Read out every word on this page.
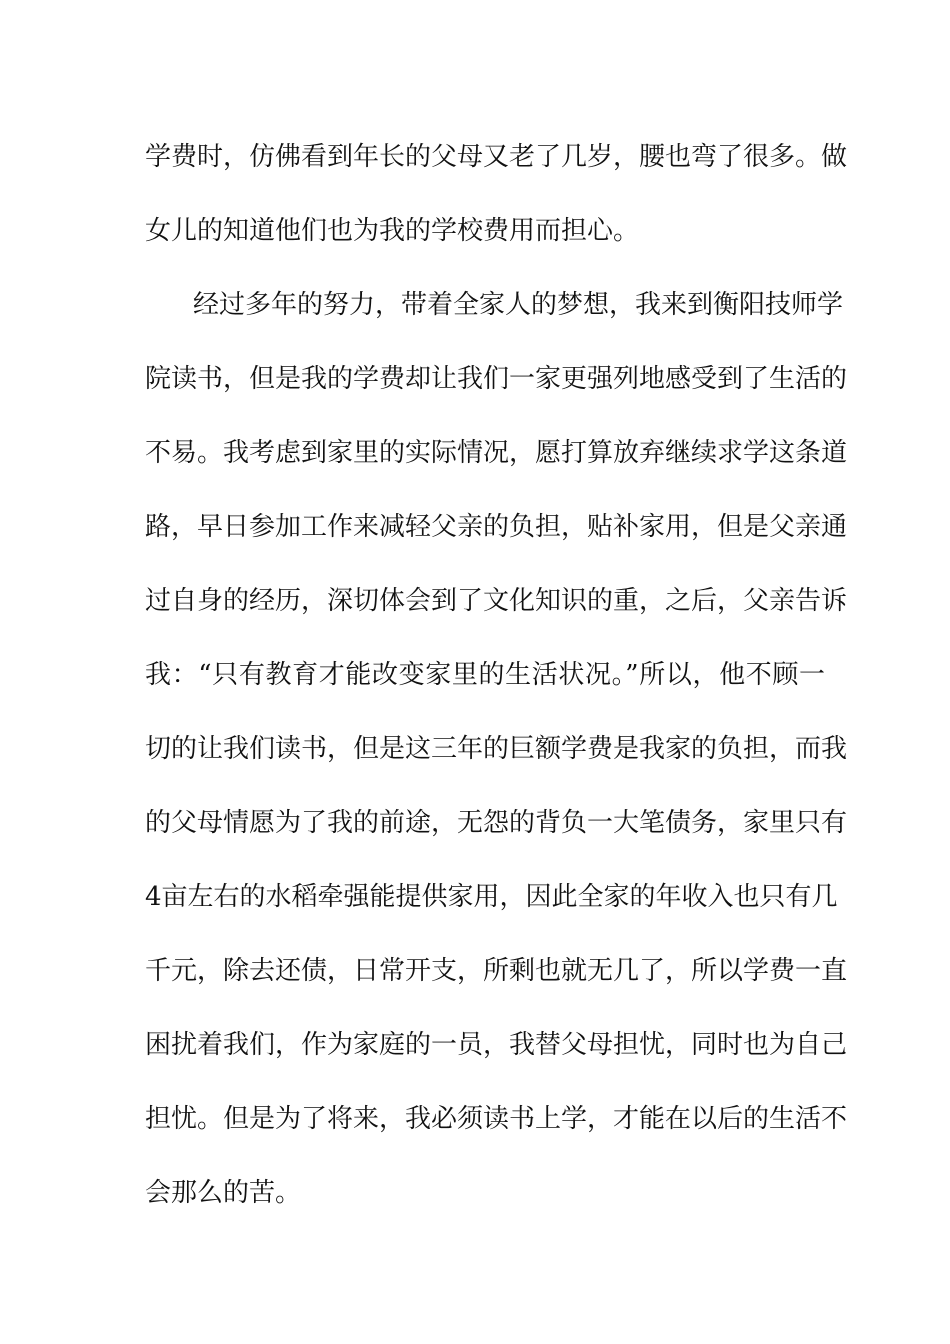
学费时，仿佛看到年长的父母又老了几岁，腰也弯了很多。做
女儿的知道他们也为我的学校费用而担心。
经过多年的努力，带着全家人的梦想，我来到衡阳技师学
院读书，但是我的学费却让我们一家更强列地感受到了生活的
不易。我考虑到家里的实际情况，愿打算放弃继续求学这条道
路，早日参加工作来减轻父亲的负担，贴补家用，但是父亲通
过自身的经历，深切体会到了文化知识的重，之后，父亲告诉
我：“只有教育才能改变家里的生活状况。”所以，他不顾一
切的让我们读书，但是这三年的巨额学费是我家的负担，而我
的父母情愿为了我的前途，无怨的背负一大笔债务，家里只有
4亩左右的水稻牵强能提供家用，因此全家的年收入也只有几
千元，除去还债，日常开支，所剩也就无几了，所以学费一直
困扰着我们，作为家庭的一员，我替父母担忧，同时也为自己
担忧。但是为了将来，我必须读书上学，才能在以后的生活不
会那么的苦。
